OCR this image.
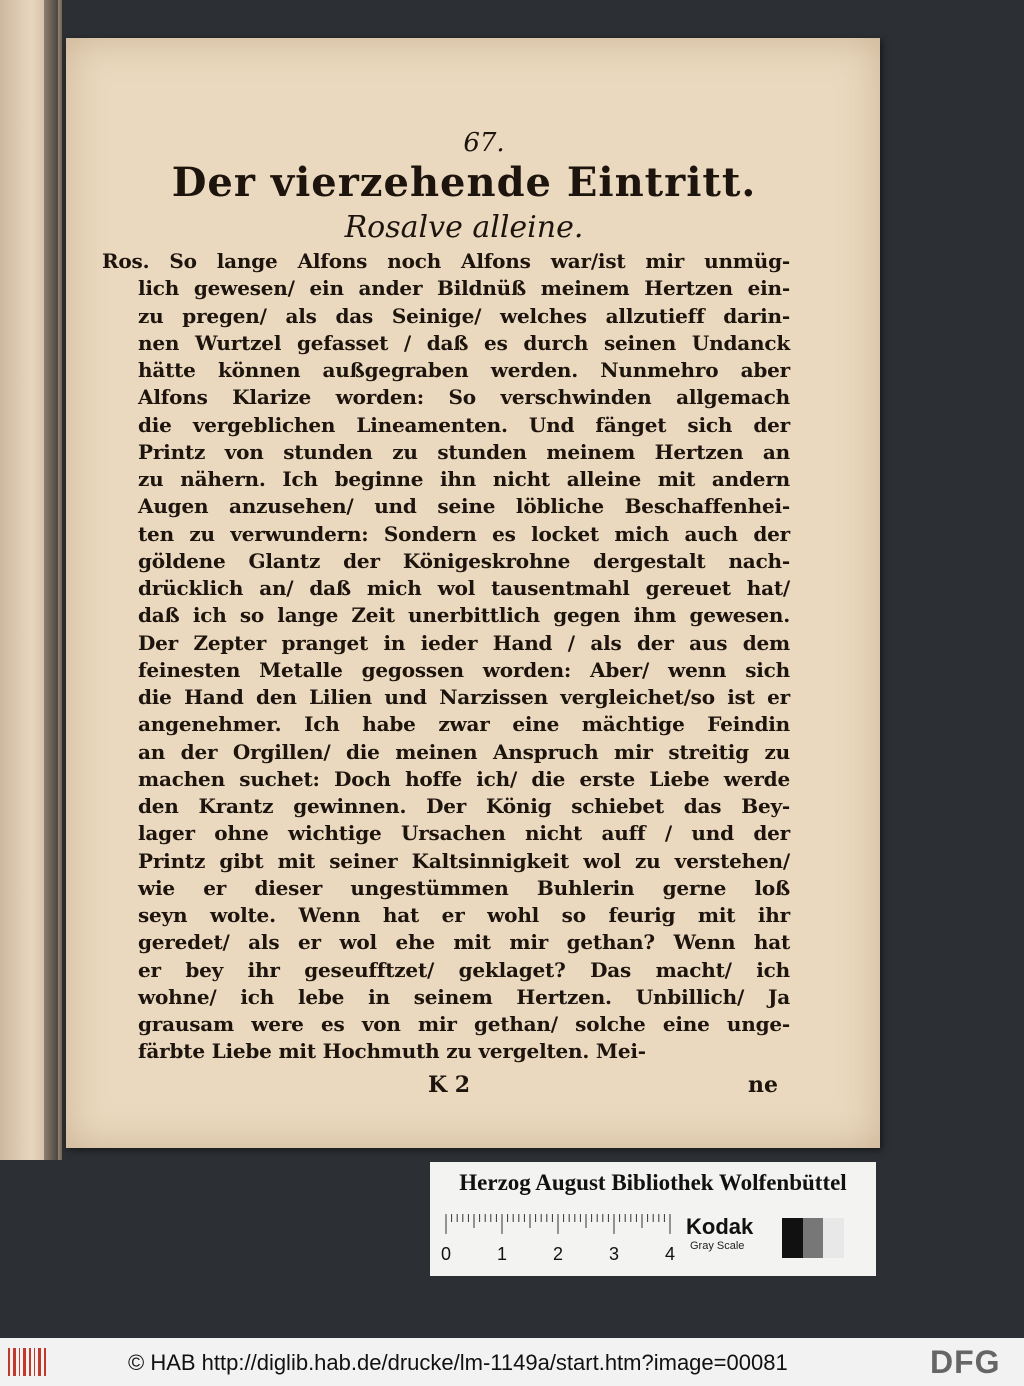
67.
Der vierzehende Eintritt.
Rosalve alleine.
Ros. So lange Alfons noch Alfons war/ist mir unmüg-
lich gewesen/ ein ander Bildnüß meinem Hertzen ein-
zu pregen/ als das Seinige/ welches allzutieff darin-
nen Wurtzel gefasset / daß es durch seinen Undanck
hätte können außgegraben werden. Nunmehro aber
Alfons Klarize worden: So verschwinden allgemach
die vergeblichen Lineamenten. Und fänget sich der
Printz von stunden zu stunden meinem Hertzen an
zu nähern. Ich beginne ihn nicht alleine mit andern
Augen anzusehen/ und seine löbliche Beschaffenhei-
ten zu verwundern: Sondern es locket mich auch der
göldene Glantz der Königeskrohne dergestalt nach-
drücklich an/ daß mich wol tausentmahl gereuet hat/
daß ich so lange Zeit unerbittlich gegen ihm gewesen.
Der Zepter pranget in ieder Hand / als der aus dem
feinesten Metalle gegossen worden: Aber/ wenn sich
die Hand den Lilien und Narzissen vergleichet/so ist er
angenehmer. Ich habe zwar eine mächtige Feindin
an der Orgillen/ die meinen Anspruch mir streitig zu
machen suchet: Doch hoffe ich/ die erste Liebe werde
den Krantz gewinnen. Der König schiebet das Bey-
lager ohne wichtige Ursachen nicht auff / und der
Printz gibt mit seiner Kaltsinnigkeit wol zu verstehen/
wie er dieser ungestümmen Buhlerin gerne loß
seyn wolte. Wenn hat er wohl so feurig mit ihr
geredet/ als er wol ehe mit mir gethan? Wenn hat
er bey ihr geseufftzet/ geklaget? Das macht/ ich
wohne/ ich lebe in seinem Hertzen. Unbillich/ Ja
grausam were es von mir gethan/ solche eine unge-
färbte Liebe mit Hochmuth zu vergelten. Mei-
K 2	ne
Herzog August Bibliothek Wolfenbüttel
0	1	2	3	4
Kodak
Gray Scale
© HAB http://diglib.hab.de/drucke/lm-1149a/start.htm?image=00081	DFG
